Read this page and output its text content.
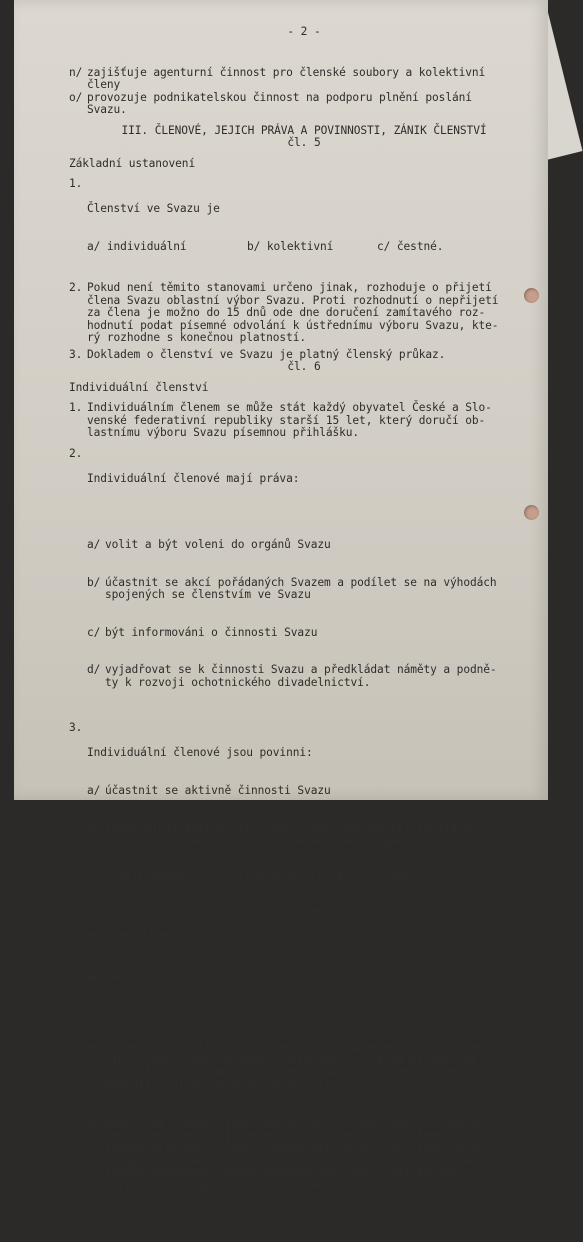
- 2 -
n/ zajišťuje agenturní činnost pro členské soubory a kolektivní
členy
o/ provozuje podnikatelskou činnost na podporu plnění poslání
Svazu.
III. ČLENOVÉ, JEJICH PRÁVA A POVINNOSTI, ZÁNIK ČLENSTVÍ
čl. 5
Základní ustanovení
1.

Členství ve Svazu je

a/ individuální	b/ kolektivní	c/ čestné.

2. Pokud není těmito stanovami určeno jinak, rozhoduje o přijetí
člena Svazu oblastní výbor Svazu. Proti rozhodnutí o nepřijetí
za člena je možno do 15 dnů ode dne doručení zamítavého roz-
hodnutí podat písemné odvolání k ústřednímu výboru Svazu, kte-
rý rozhodne s konečnou platností.
3. Dokladem o členství ve Svazu je platný členský průkaz.
čl. 6
Individuální členství
1. Individuálním členem se může stát každý obyvatel České a Slo-
venské federativní republiky starší 15 let, který doručí ob-
lastnímu výboru Svazu písemnou přihlášku.
2.

Individuální členové mají práva:

a/ volit a být voleni do orgánů Svazu

b/ účastnit se akcí pořádaných Svazem a podílet se na výhodách
spojených se členstvím ve Svazu

c/ být informováni o činnosti Svazu

d/ vyjadřovat se k činnosti Svazu a předkládat náměty a podně-
ty k rozvoji ochotnického divadelnictví.

3.

Individuální členové jsou povinni:

a/ účastnit se aktivně činnosti Svazu

b/ řádně plnit povinnosti člena Svazu vyplývající ze stanov,
ostatních norem Svazu a z usnesení jeho orgánů

c/ platit řádně a včas stanovené členské příspěvky.

čl. 7
Kolektivní členství
1.

Kolektivním členem Svazu se může stát

a/ organizace /instituce/, která doručí předsednictvu ústřed-
ního výboru Svazu písemnou přihlášku. O jejím přijetí za
člena Svazu rozhoduje ústřední výbor Svazu. Proti jeho roz-
hodnutí není možno podat odvolání.

b/ amatérský soubor, který doručí oblastnímu výboru Svazu se
souhlasem svého zřizovatele /pokud není sám spolkem/ pí-
semnou přihlášku. Proti rozhodnutí oblastního výboru o ne-
přijetí za člena je možno do 15 dnů ode dne doručení zamí-
tavého rozhodnutí podat písemné odvolání k ústřednímu vý-
boru Svazu, který rozhodne s konečnou platností.

./.
